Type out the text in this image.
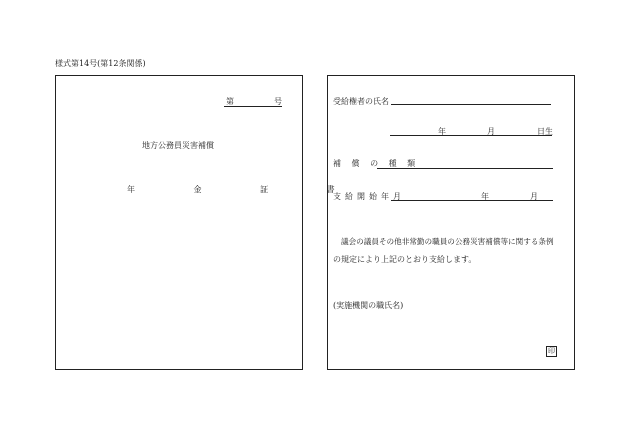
様式第14号(第12条関係)
第	号
地方公務員災害補償
年 金 証 書
受給権者の氏名
年	月	日生
補 償 の 種 類
支給開始年月	年	月
議会の議員その他非常勤の職員の公務災害補償等に関する条例
の規定により上記のとおり支給します。
(実施機関の職氏名)
印
